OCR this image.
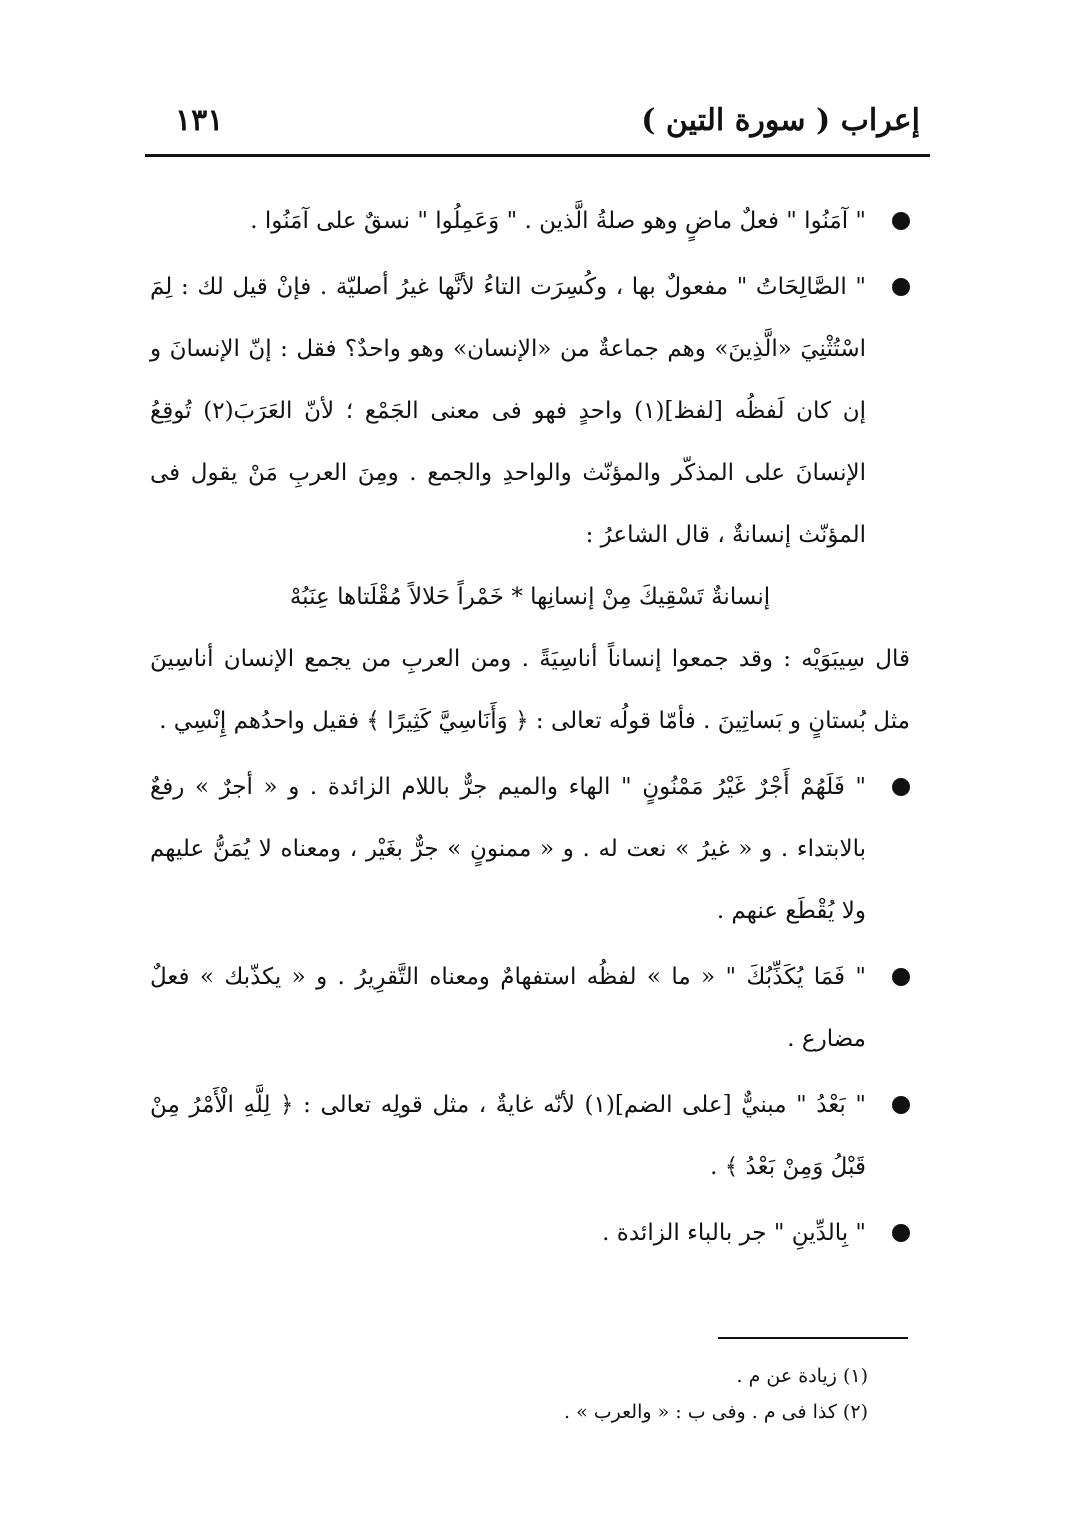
إعراب ( سورة التين )
١٣١

" آمَنُوا " فعلٌ ماضٍ وهو صلةُ الَّذين . " وَعَمِلُوا " نسقٌ على آمَنُوا .

" الصَّالِحَاتُ " مفعولٌ بها ، وكُسِرَت التاءُ لأنَّها غيرُ أصليّة . فإنْ قيل لك : لِمَ اسْتُثْنِيَ «الَّذِينَ» وهم جماعةٌ من «الإنسان» وهو واحدٌ؟ فقل : إنّ الإنسانَ و إن كان لَفظُه [لفظ](١) واحدٍ فهو فى معنى الجَمْع ؛ لأنّ العَرَبَ(٢) تُوقِعُ الإنسانَ على المذكّر والمؤنّث والواحدِ والجمع . ومِنَ العربِ مَنْ يقول فى المؤنّث إنسانةٌ ، قال الشاعرُ :

إنسانةٌ تَسْقِيكَ مِنْ إنسانِها * خَمْراً حَلالاً مُقْلَتاها عِنَبُهْ

قال سِيبَوَيْه : وقد جمعوا إنساناً أناسِيَةً . ومن العربِ من يجمع الإنسان أناسِينَ مثل بُستانٍ و بَساتِينَ . فأمّا قولُه تعالى : ﴿ وَأَنَاسِيَّ كَثِيرًا ﴾ فقيل واحدُهم إِنْسِي .

" فَلَهُمْ أَجْرٌ غَيْرُ مَمْنُونٍ " الهاء والميم جرٌّ باللام الزائدة . و « أجرٌ » رفعٌ بالابتداء . و « غيرُ » نعت له . و « ممنونٍ » جرٌّ بغَيْر ، ومعناه لا يُمَنُّ عليهم ولا يُقْطَع عنهم .

" فَمَا يُكَذِّبُكَ " « ما » لفظُه استفهامٌ ومعناه التَّقرِيرُ . و « يكذّبك » فعلٌ مضارع .

" بَعْدُ " مبنيٌّ [على الضم](١) لأنّه غايةٌ ، مثل قولِه تعالى : ﴿ لِلَّهِ الْأَمْرُ مِنْ قَبْلُ وَمِنْ بَعْدُ ﴾ .

" بِالدِّينِ " جر بالباء الزائدة .

(١) زيادة عن م .

(٢) كذا فى م . وفى ب : « والعرب » .
